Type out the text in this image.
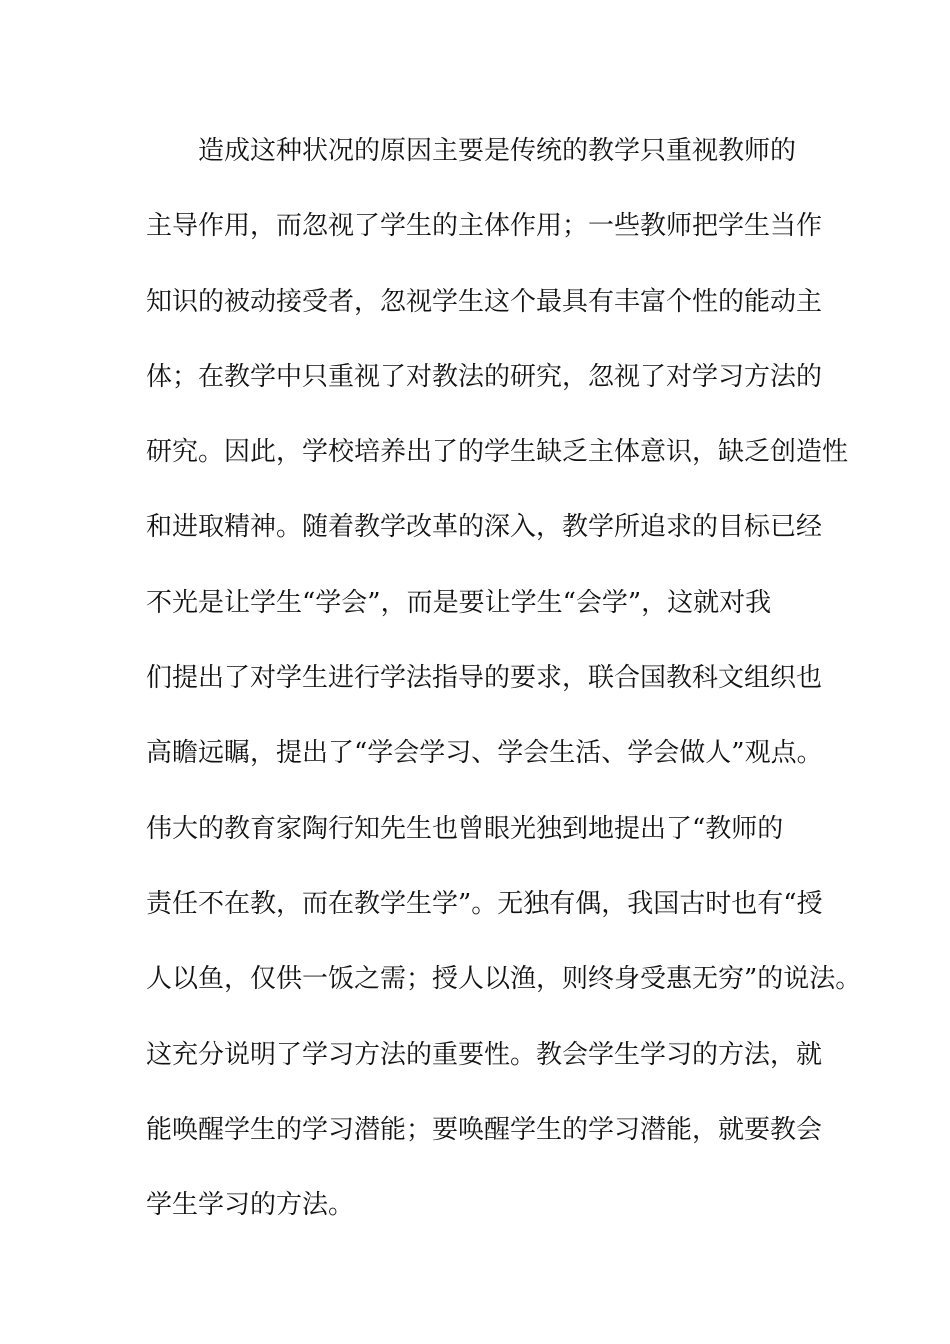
　　造成这种状况的原因主要是传统的教学只重视教师的
主导作用，而忽视了学生的主体作用；一些教师把学生当作
知识的被动接受者，忽视学生这个最具有丰富个性的能动主
体；在教学中只重视了对教法的研究，忽视了对学习方法的
研究。因此，学校培养出了的学生缺乏主体意识，缺乏创造性
和进取精神。随着教学改革的深入，教学所追求的目标已经
不光是让学生“学会”，而是要让学生“会学”，这就对我
们提出了对学生进行学法指导的要求，联合国教科文组织也
高瞻远瞩，提出了“学会学习、学会生活、学会做人”观点。
伟大的教育家陶行知先生也曾眼光独到地提出了“教师的
责任不在教，而在教学生学”。无独有偶，我国古时也有“授
人以鱼，仅供一饭之需；授人以渔，则终身受惠无穷”的说法。
这充分说明了学习方法的重要性。教会学生学习的方法，就
能唤醒学生的学习潜能；要唤醒学生的学习潜能，就要教会
学生学习的方法。
